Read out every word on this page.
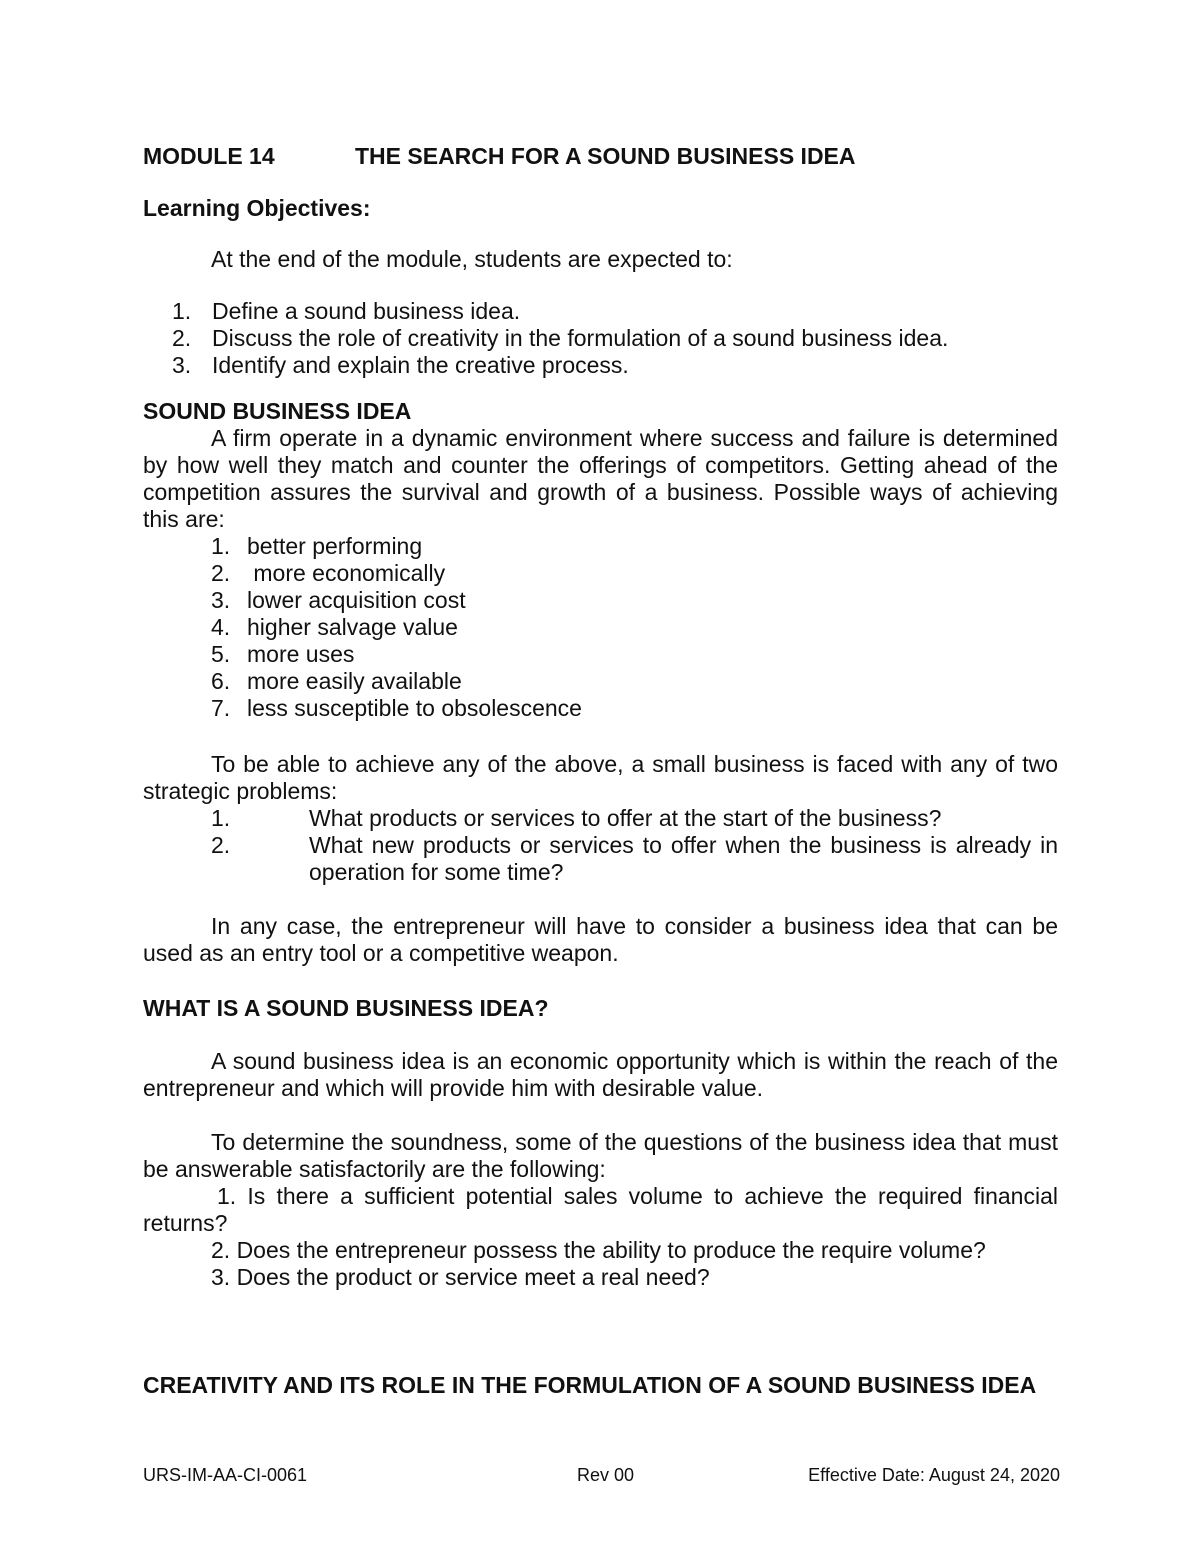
MODULE 14	THE SEARCH FOR A SOUND BUSINESS IDEA
Learning Objectives:
At the end of the module, students are expected to:
1. Define a sound business idea.
2. Discuss the role of creativity in the formulation of a sound business idea.
3. Identify and explain the creative process.
SOUND BUSINESS IDEA
A firm operate in a dynamic environment where success and failure is determined
by how well they match and counter the offerings of competitors. Getting ahead of the competition assures the survival and growth of a business. Possible ways of achieving
this are:
1. better performing
2. more economically
3. lower acquisition cost
4. higher salvage value
5. more uses
6. more easily available
7. less susceptible to obsolescence
To be able to achieve any of the above, a small business is faced with any of two
strategic problems:
1.	What products or services to offer at the start of the business?
2.	What new products or services to offer when the business is already in
operation for some time?
In any case, the entrepreneur will have to consider a business idea that can be
used as an entry tool or a competitive weapon.
WHAT IS A SOUND BUSINESS IDEA?
A sound business idea is an economic opportunity which is within the reach of the
entrepreneur and which will provide him with desirable value.
To determine the soundness, some of the questions of the business idea that must
be answerable satisfactorily are the following:
1. Is there a sufficient potential sales volume to achieve the required financial
returns?
2. Does the entrepreneur possess the ability to produce the require volume?
3. Does the product or service meet a real need?
CREATIVITY AND ITS ROLE IN THE FORMULATION OF A SOUND BUSINESS IDEA
URS-IM-AA-CI-0061	Rev 00	Effective Date: August 24, 2020
